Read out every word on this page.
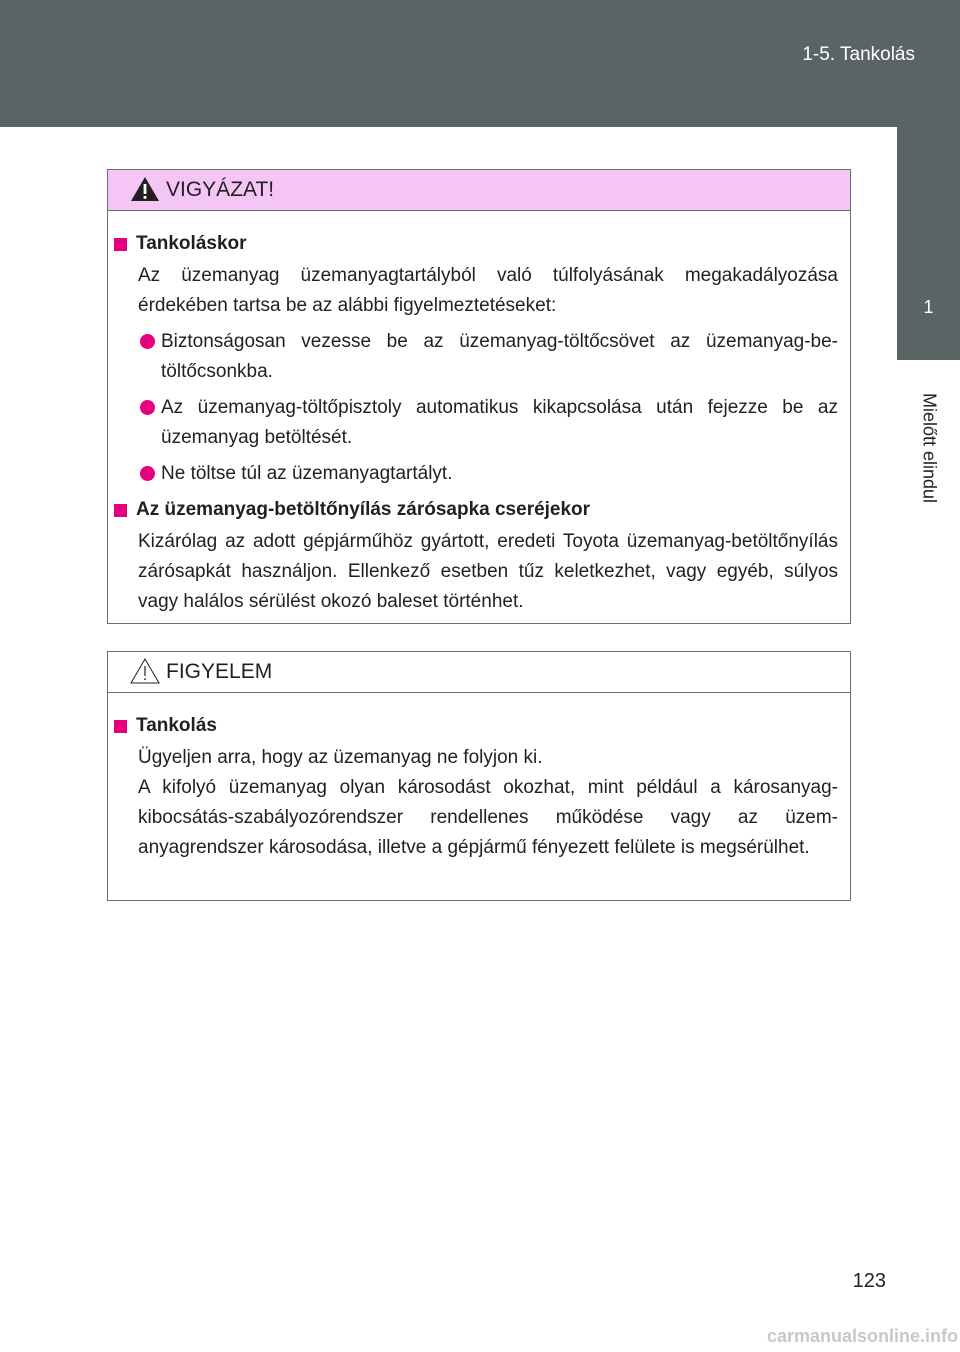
1-5. Tankolás
1
Mielőtt elindul
VIGYÁZAT!
Tankoláskor
Az üzemanyag üzemanyagtartályból való túlfolyásának megakadályozása érdekében tartsa be az alábbi figyelmeztetéseket:
Biztonságosan vezesse be az üzemanyag-töltőcsövet az üzemanyag-betöltőcsonkba.
Az üzemanyag-töltőpisztoly automatikus kikapcsolása után fejezze be az üzemanyag betöltését.
Ne töltse túl az üzemanyagtartályt.
Az üzemanyag-betöltőnyílás zárósapka cseréjekor
Kizárólag az adott gépjárműhöz gyártott, eredeti Toyota üzemanyag-betöltőnyílás zárósapkát használjon. Ellenkező esetben tűz keletkezhet, vagy egyéb, súlyos vagy halálos sérülést okozó baleset történhet.
FIGYELEM
Tankolás
Ügyeljen arra, hogy az üzemanyag ne folyjon ki.
A kifolyó üzemanyag olyan károsodást okozhat, mint például a károsanyag-kibocsátás-szabályozórendszer rendellenes működése vagy az üzemanyagrendszer károsodása, illetve a gépjármű fényezett felülete is megsérülhet.
123
carmanualsonline.info
